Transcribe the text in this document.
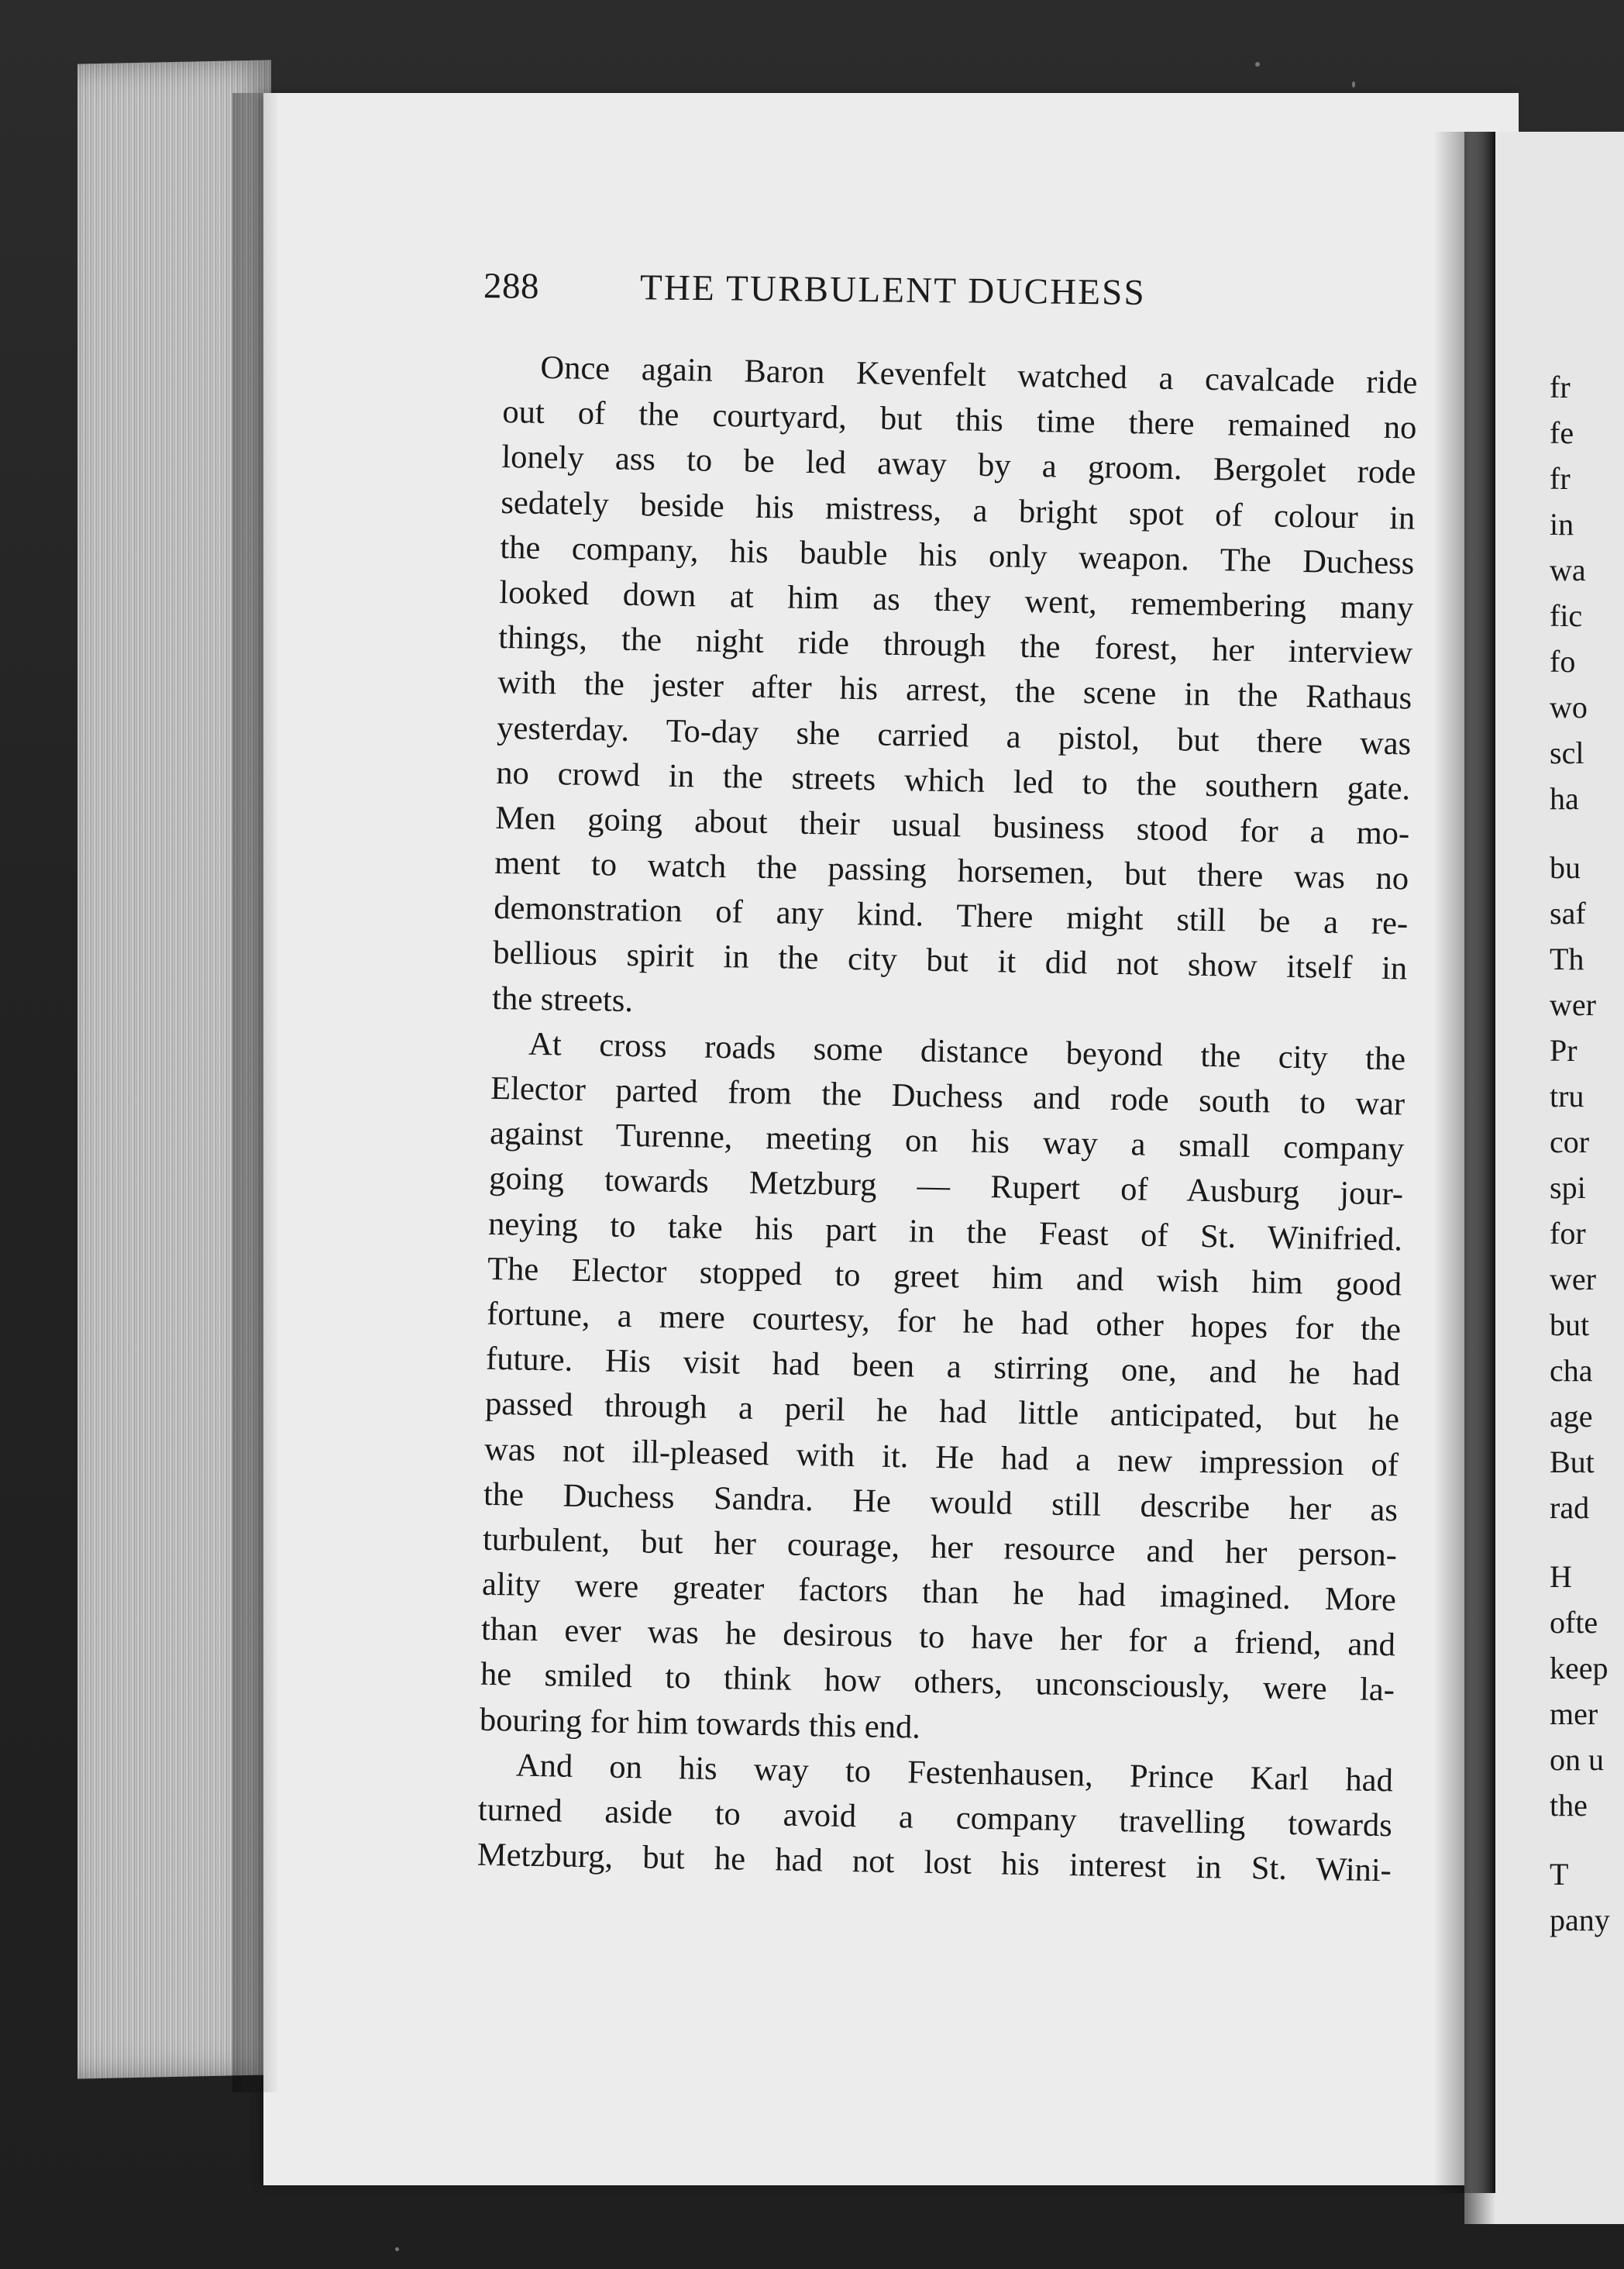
fr
fe
fr
in
wa
fic
fo
wo
scl
ha
bu
saf
Th
wer
Pr
tru
cor
spi
for
wer
but
cha
age
But
rad
H
ofte
keep
mer
on u
the
T
pany
288	THE TURBULENT DUCHESS
Once again Baron Kevenfelt watched a cavalcade ride
out of the courtyard, but this time there remained no
lonely ass to be led away by a groom. Bergolet rode
sedately beside his mistress, a bright spot of colour in
the company, his bauble his only weapon. The Duchess
looked down at him as they went, remembering many
things, the night ride through the forest, her interview
with the jester after his arrest, the scene in the Rathaus
yesterday. To-day she carried a pistol, but there was
no crowd in the streets which led to the southern gate.
Men going about their usual business stood for a mo-
ment to watch the passing horsemen, but there was no
demonstration of any kind. There might still be a re-
bellious spirit in the city but it did not show itself in
the streets.
At cross roads some distance beyond the city the
Elector parted from the Duchess and rode south to war
against Turenne, meeting on his way a small company
going towards Metzburg — Rupert of Ausburg jour-
neying to take his part in the Feast of St. Winifried.
The Elector stopped to greet him and wish him good
fortune, a mere courtesy, for he had other hopes for the
future. His visit had been a stirring one, and he had
passed through a peril he had little anticipated, but he
was not ill-pleased with it. He had a new impression of
the Duchess Sandra. He would still describe her as
turbulent, but her courage, her resource and her person-
ality were greater factors than he had imagined. More
than ever was he desirous to have her for a friend, and
he smiled to think how others, unconsciously, were la-
bouring for him towards this end.
And on his way to Festenhausen, Prince Karl had
turned aside to avoid a company travelling towards
Metzburg, but he had not lost his interest in St. Wini-
